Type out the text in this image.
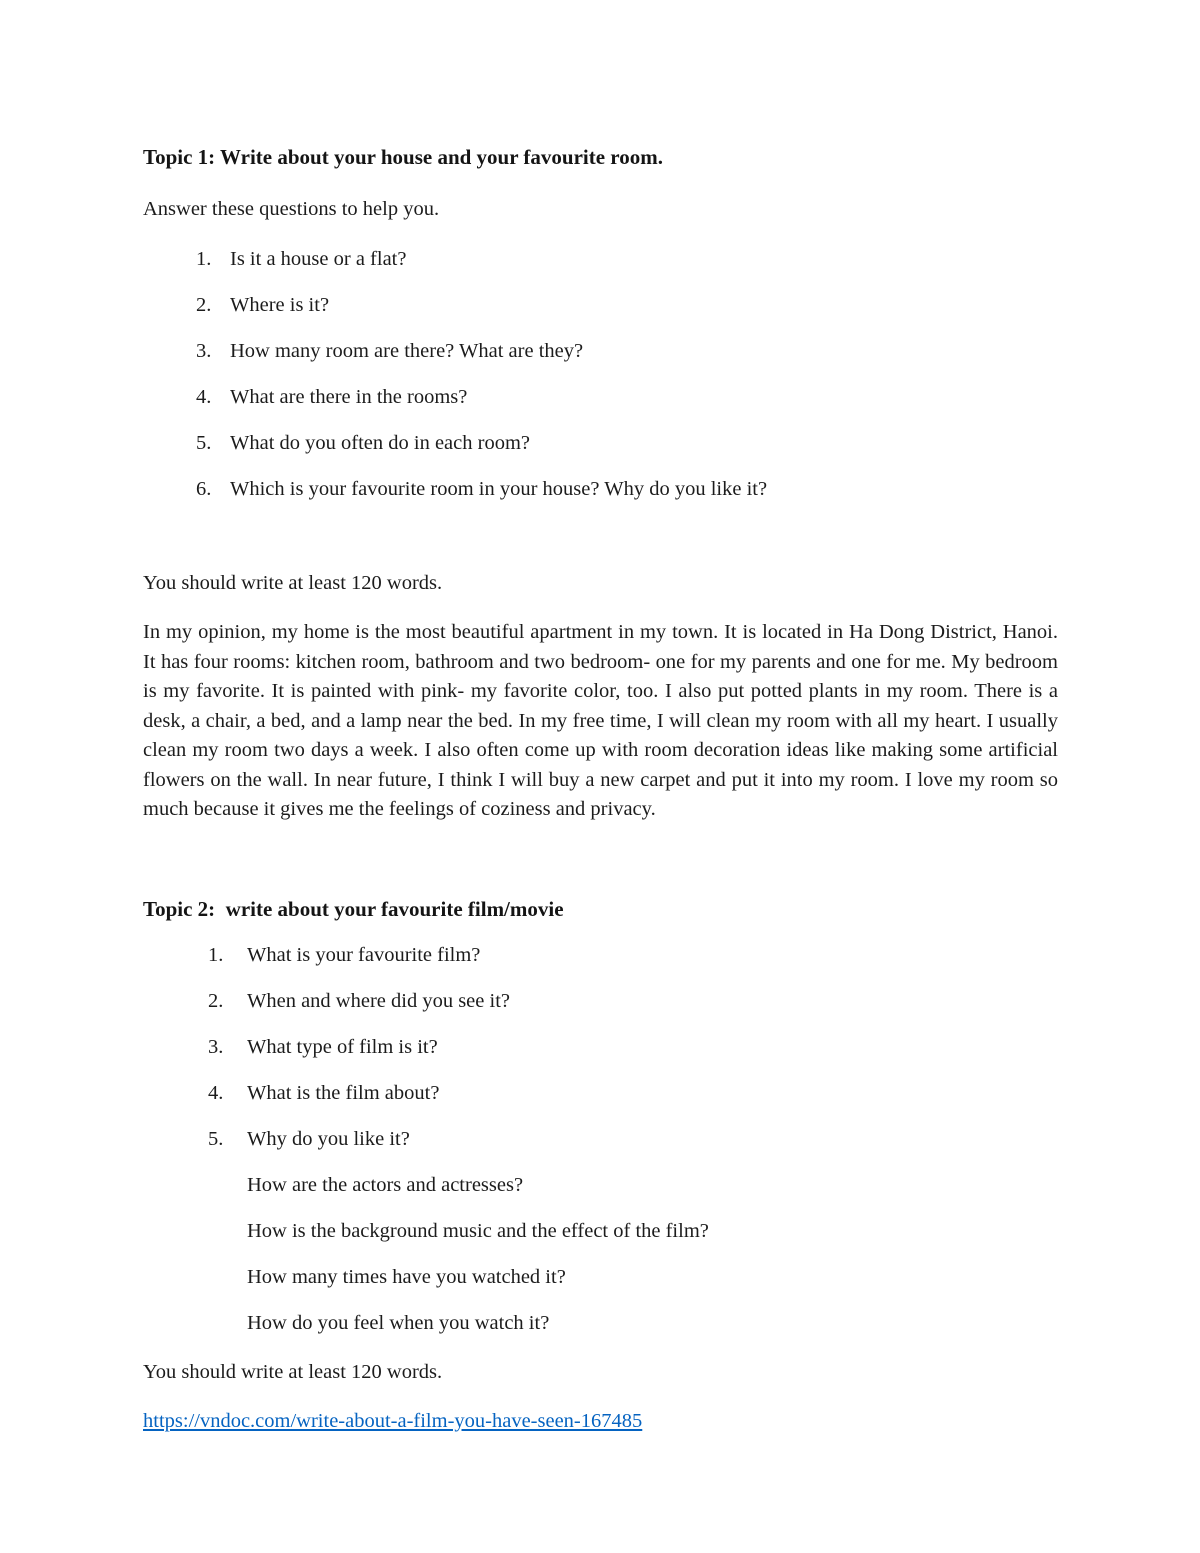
Topic 1: Write about your house and your favourite room.
Answer these questions to help you.
1. Is it a house or a flat?
2. Where is it?
3. How many room are there? What are they?
4. What are there in the rooms?
5. What do you often do in each room?
6. Which is your favourite room in your house? Why do you like it?
You should write at least 120 words.
In my opinion, my home is the most beautiful apartment in my town. It is located in Ha Dong District, Hanoi. It has four rooms: kitchen room, bathroom and two bedroom- one for my parents and one for me. My bedroom is my favorite. It is painted with pink- my favorite color, too. I also put potted plants in my room. There is a desk, a chair, a bed, and a lamp near the bed. In my free time, I will clean my room with all my heart. I usually clean my room two days a week. I also often come up with room decoration ideas like making some artificial flowers on the wall. In near future, I think I will buy a new carpet and put it into my room. I love my room so much because it gives me the feelings of coziness and privacy.
Topic 2:  write about your favourite film/movie
1.	What is your favourite film?
2.	When and where did you see it?
3.	What type of film is it?
4.	What is the film about?
5.	Why do you like it?
How are the actors and actresses?
How is the background music and the effect of the film?
How many times have you watched it?
How do you feel when you watch it?
You should write at least 120 words.
https://vndoc.com/write-about-a-film-you-have-seen-167485
